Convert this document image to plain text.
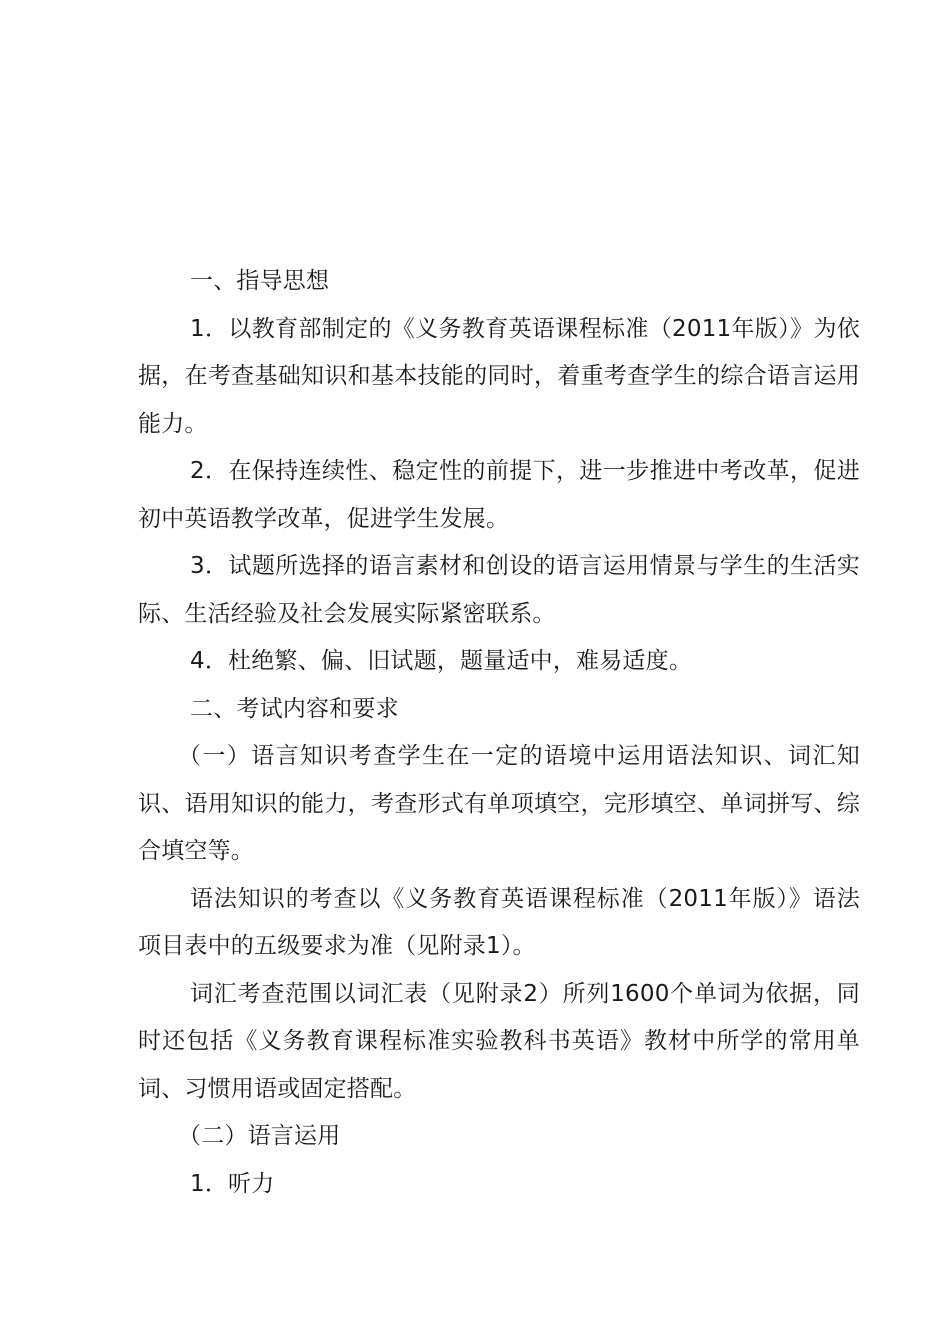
一、指导思想

1．以教育部制定的《义务教育英语课程标准（2011年版）》为依据，在考查基础知识和基本技能的同时，着重考查学生的综合语言运用能力。

2．在保持连续性、稳定性的前提下，进一步推进中考改革，促进初中英语教学改革，促进学生发展。

3．试题所选择的语言素材和创设的语言运用情景与学生的生活实际、生活经验及社会发展实际紧密联系。

4．杜绝繁、偏、旧试题，题量适中，难易适度。

二、考试内容和要求

（一）语言知识考查学生在一定的语境中运用语法知识、词汇知识、语用知识的能力，考查形式有单项填空，完形填空、单词拼写、综合填空等。

语法知识的考查以《义务教育英语课程标准（2011年版）》语法项目表中的五级要求为准（见附录1）。

词汇考查范围以词汇表（见附录2）所列1600个单词为依据，同时还包括《义务教育课程标准实验教科书英语》教材中所学的常用单词、习惯用语或固定搭配。

（二）语言运用

1．听力
